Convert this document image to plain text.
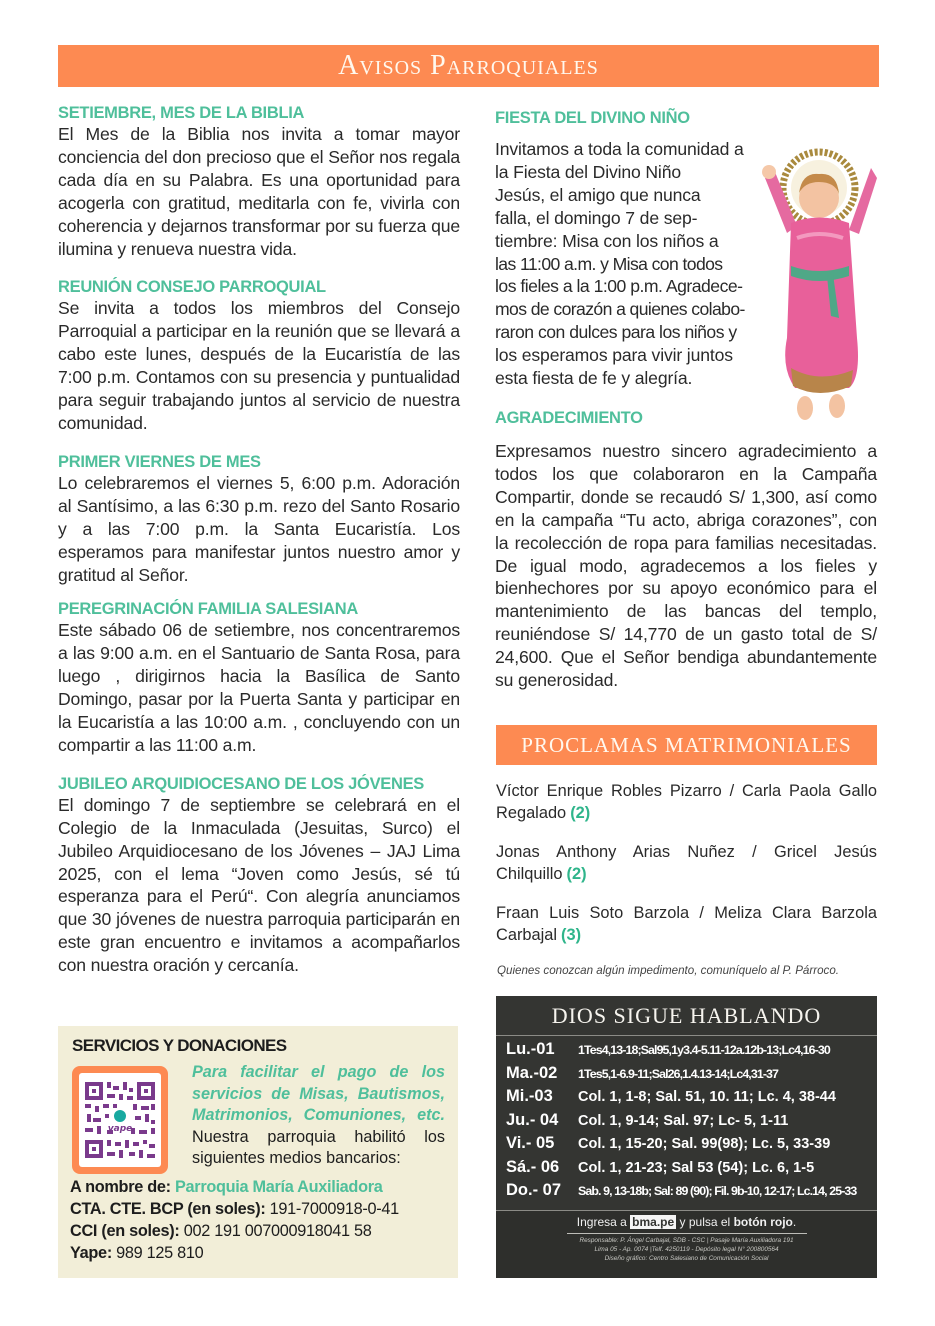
Avisos Parroquiales
SETIEMBRE, MES DE LA BIBLIA
El Mes de la Biblia nos invita a tomar mayor conciencia del don precioso que el Señor nos regala cada día en su Palabra. Es una oportunidad para acogerla con gratitud, meditarla con fe, vivirla con coherencia y dejarnos transformar por su fuerza que ilumina y renueva nuestra vida.
REUNIÓN CONSEJO PARROQUIAL
Se invita a todos los miembros del Consejo Parroquial a participar en la reunión que se llevará a cabo este lunes, después de la Eucaristía de las 7:00 p.m. Contamos con su presencia y puntualidad para seguir trabajando juntos al servicio de nuestra comunidad.
PRIMER VIERNES DE MES
Lo celebraremos el viernes 5, 6:00 p.m. Adoración al Santísimo, a las 6:30 p.m. rezo del Santo Rosario y a las 7:00 p.m. la Santa Eucaristía. Los esperamos para manifestar juntos nuestro amor y gratitud al Señor.
PEREGRINACIÓN FAMILIA SALESIANA
Este sábado 06 de setiembre, nos concentraremos a las 9:00 a.m. en el Santuario de Santa Rosa, para luego , dirigirnos hacia la Basílica de Santo Domingo, pasar por la Puerta Santa y participar en la Eucaristía a las 10:00 a.m. , concluyendo con un compartir a las 11:00 a.m.
JUBILEO ARQUIDIOCESANO DE LOS JÓVENES
El domingo 7 de septiembre se celebrará en el Colegio de la Inmaculada (Jesuitas, Surco) el Jubileo Arquidiocesano de los Jóvenes – JAJ Lima 2025, con el lema “Joven como Jesús, sé tú esperanza para el Perú“. Con alegría anunciamos que 30 jóvenes de nuestra parroquia participarán en este gran encuentro e invitamos a acompañarlos con nuestra oración y cercanía.
FIESTA DEL DIVINO NIÑO
Invitamos a toda la comunidad a
la Fiesta del Divino Niño
Jesús, el amigo que nunca
falla, el domingo 7 de sep-
tiembre: Misa con los niños a
las 11:00 a.m. y Misa con todos
los fieles a la 1:00 p.m. Agradece-
mos de corazón a quienes colabo-
raron con dulces para los niños y
los esperamos para vivir juntos
esta fiesta de fe y alegría.
AGRADECIMIENTO
Expresamos nuestro sincero agradecimiento a todos los que colaboraron en la Campaña Compartir, donde se recaudó S/ 1,300, así como en la campaña “Tu acto, abriga corazones”, con la recolección de ropa para familias necesitadas. De igual modo, agradecemos a los fieles y bienhechores por su apoyo económico para el mantenimiento de las bancas del templo, reuniéndose S/ 14,770 de un gasto total de S/ 24,600. Que el Señor bendiga abundantemente su generosidad.
PROCLAMAS MATRIMONIALES
Víctor Enrique Robles Pizarro / Carla Paola Gallo Regalado (2)
Jonas Anthony Arias Nuñez / Gricel Jesús Chilquillo (2)
Fraan Luis Soto Barzola / Meliza Clara Barzola Carbajal (3)
Quienes conozcan algún impedimento, comuníquelo al P. Párroco.
SERVICIOS Y DONACIONES
yape
Para facilitar el pago de los servicios de Misas, Bautismos, Matrimonios, Comuniones, etc. Nuestra parroquia habilitó los siguientes medios bancarios:
A nombre de: Parroquia María Auxiliadora
CTA. CTE. BCP (en soles): 191-7000918-0-41
CCI (en soles): 002 191 007000918041 58
Yape: 989 125 810
DIOS SIGUE HABLANDO
Lu.-01	1Tes4,13-18;Sal95,1y3.4-5.11-12a.12b-13;Lc4,16-30
Ma.-02	1Tes5,1-6.9-11;Sal26,1.4.13-14;Lc4,31-37
Mi.-03	Col. 1, 1-8; Sal. 51, 10. 11; Lc. 4, 38-44
Ju.- 04	Col. 1, 9-14; Sal. 97; Lc- 5, 1-11
Vi.- 05	Col. 1, 15-20; Sal. 99(98); Lc. 5, 33-39
Sá.- 06	Col. 1, 21-23; Sal 53 (54); Lc. 6, 1-5
Do.- 07	Sab. 9, 13-18b; Sal: 89 (90); Fil. 9b-10, 12-17; Lc.14, 25-33
Ingresa a bma.pe y pulsa el botón rojo.
Responsable: P. Ángel Carbajal, SDB - CSC | Pasaje María Auxiliadora 191
Lima 05 - Ap. 0074 |Telf. 4250119 - Depósito legal N° 200800564
Diseño gráfico: Centro Salesiano de Comunicación Social
